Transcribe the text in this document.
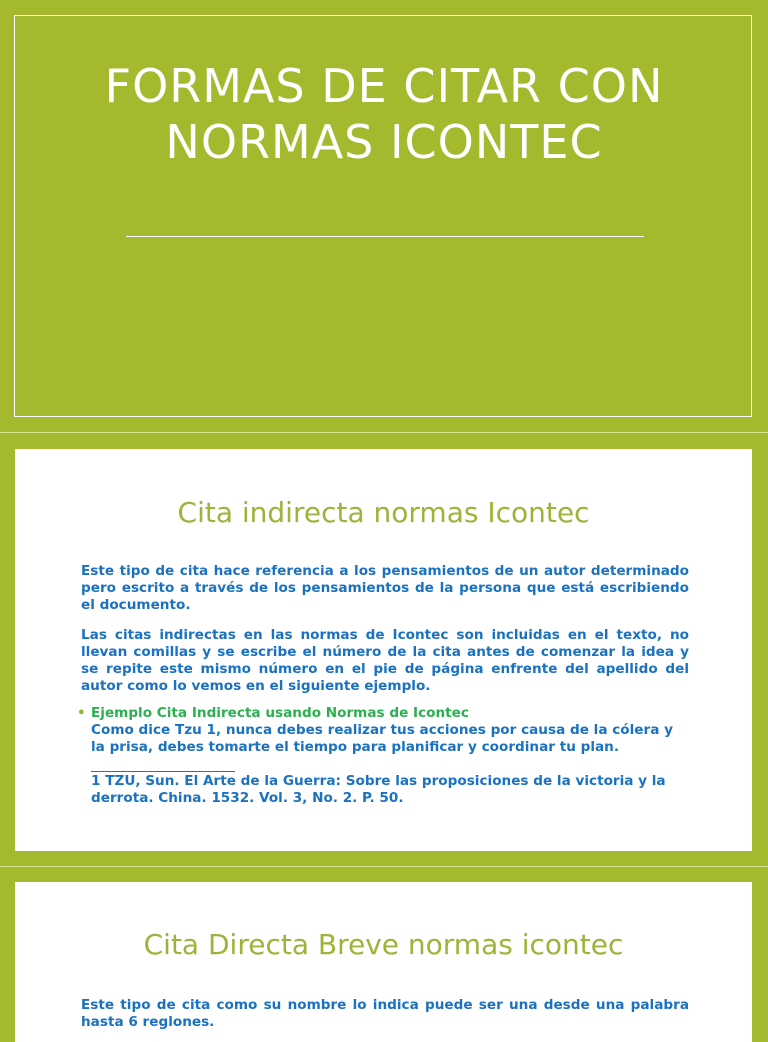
FORMAS DE CITAR CON
NORMAS ICONTEC
Cita indirecta normas Icontec

Este tipo de cita hace referencia a los pensamientos de un autor determinado pero escrito a través de los pensamientos de la persona que está escribiendo el documento.

Las citas indirectas en las normas de Icontec son incluidas en el texto, no llevan comillas y se escribe el número de la cita antes de comenzar la idea y se repite este mismo número en el pie de página enfrente del apellido del autor como lo vemos en el siguiente ejemplo.

• Ejemplo Cita Indirecta usando Normas de Icontec
Como dice Tzu 1, nunca debes realizar tus acciones por causa de la cólera y la prisa, debes tomarte el tiempo para planificar y coordinar tu plan.

1 TZU, Sun. El Arte de la Guerra: Sobre las proposiciones de la victoria y la derrota. China. 1532. Vol. 3, No. 2. P. 50.

Cita Directa Breve normas icontec

Este tipo de cita como su nombre lo indica puede ser una desde una palabra hasta 6 reglones.
